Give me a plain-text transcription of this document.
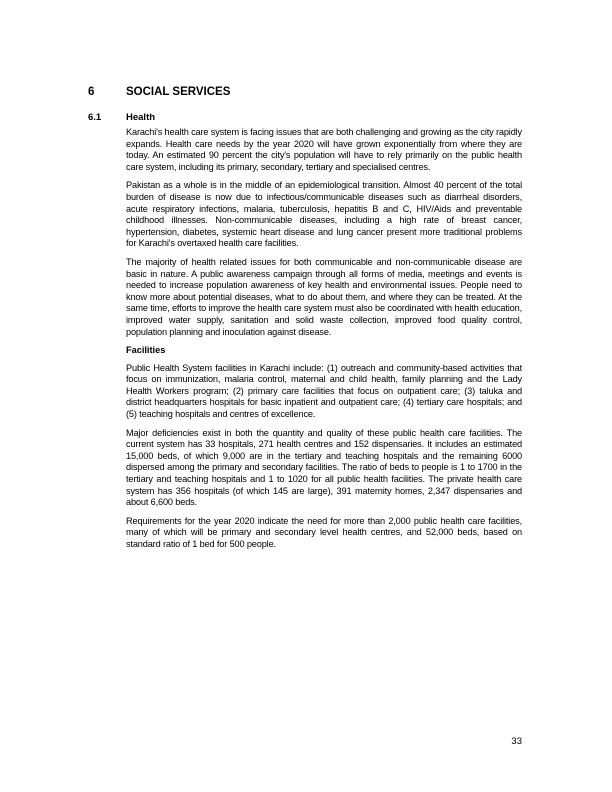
6	SOCIAL SERVICES
6.1	Health

Karachi's health care system is facing issues that are both challenging and growing as the city rapidly expands. Health care needs by the year 2020 will have grown exponentially from where they are today. An estimated 90 percent the city's population will have to rely primarily on the public health care system, including its primary, secondary, tertiary and specialised centres.

Pakistan as a whole is in the middle of an epidemiological transition. Almost 40 percent of the total burden of disease is now due to infectious/communicable diseases such as diarrheal disorders, acute respiratory infections, malaria, tuberculosis, hepatitis B and C, HIV/Aids and preventable childhood illnesses. Non-communicable diseases, including a high rate of breast cancer, hypertension, diabetes, systemic heart disease and lung cancer present more traditional problems for Karachi's overtaxed health care facilities.

The majority of health related issues for both communicable and non-communicable disease are basic in nature. A public awareness campaign through all forms of media, meetings and events is needed to increase population awareness of key health and environmental issues. People need to know more about potential diseases, what to do about them, and where they can be treated. At the same time, efforts to improve the health care system must also be coordinated with health education, improved water supply, sanitation and solid waste collection, improved food quality control, population planning and inoculation against disease.

Facilities

Public Health System facilities in Karachi include: (1) outreach and community-based activities that focus on immunization, malaria control, maternal and child health, family planning and the Lady Health Workers program; (2) primary care facilities that focus on outpatient care; (3) taluka and district headquarters hospitals for basic inpatient and outpatient care; (4) tertiary care hospitals; and (5) teaching hospitals and centres of excellence.

Major deficiencies exist in both the quantity and quality of these public health care facilities. The current system has 33 hospitals, 271 health centres and 152 dispensaries. It includes an estimated 15,000 beds, of which 9,000 are in the tertiary and teaching hospitals and the remaining 6000 dispersed among the primary and secondary facilities. The ratio of beds to people is 1 to 1700 in the tertiary and teaching hospitals and 1 to 1020 for all public health facilities. The private health care system has 356 hospitals (of which 145 are large), 391 maternity homes, 2,347 dispensaries and about 6,600 beds.

Requirements for the year 2020 indicate the need for more than 2,000 public health care facilities, many of which will be primary and secondary level health centres, and 52,000 beds, based on standard ratio of 1 bed for 500 people.

33
